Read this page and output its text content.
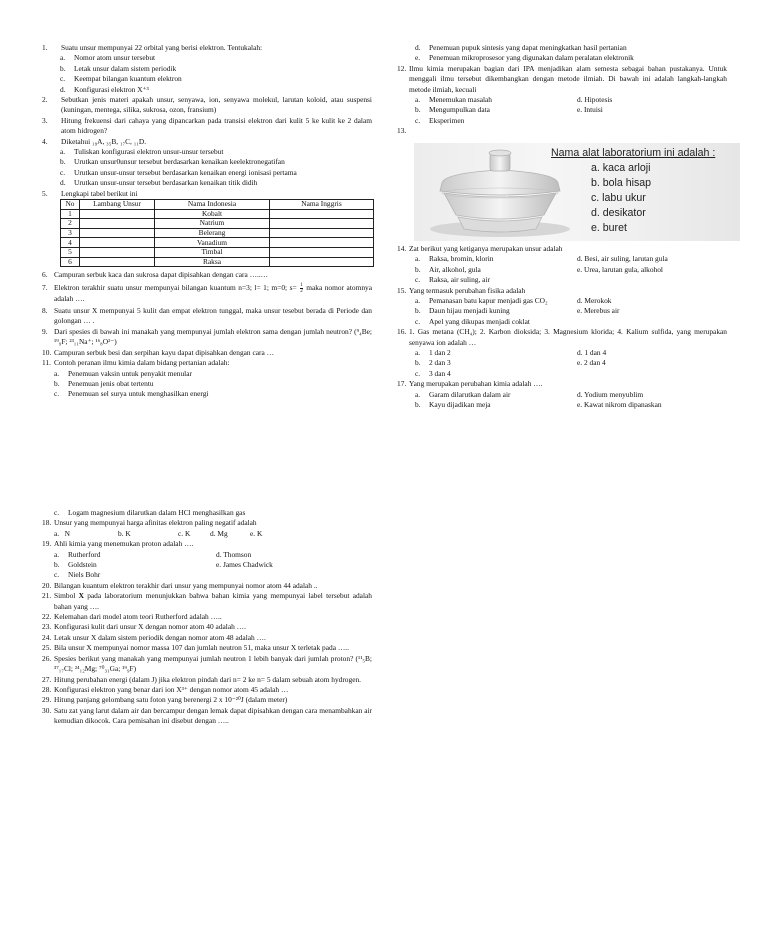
1.	Suatu unsur mempunyai 22 orbital yang berisi elektron. Tentukalah:
a.	Nomor atom unsur tersebut
b.	Letak unsur dalam sistem periodik
c.	Keempat bilangan kuantum elektron
d.	Konfigurasi elektron X⁺³
2.	Sebutkan jenis materi apakah unsur, senyawa, ion, senyawa molekul, larutan koloid, atau suspensi (kuningan, mentega, silika, sukrosa, ozon, fransium)
3.	Hitung frekuensi dari cahaya yang dipancarkan pada transisi elektron dari kulit 5 ke kulit ke 2 dalam atom hidrogen?
4.	Diketahui ₁₉A, ₃₅B, ₁₇C, ₁₁D.
a.	Tuliskan konfigurasi elektron unsur-unsur tersebut
b.	Urutkan unsur0unsur tersebut berdasarkan kenaikan keelektronegatifan
c.	Urutkan unsur-unsur tersebut berdasarkan kenaikan energi ionisasi pertama
d.	Urutkan unsur-unsur tersebut berdasarkan kenaikan titik didih
5.	Lengkapi tabel berikut ini
No	Lambang Unsur	Nama Indonesia	Nama Inggris
1		Kobalt	
2		Natrium	
3		Belerang	
4		Vanadium	
5		Timbal	
6		Raksa	
6. Campuran serbuk kaca dan sukrosa dapat dipisahkan dengan cara …..…
7. Elektron terakhir suatu unsur mempunyai bilangan kuantum n=3; l= 1; m=0; $s= \frac{1}{2}$ maka nomor atomnya adalah ….
8. Suatu unsur X mempunyai 5 kulit dan empat elektron tunggal, maka unsur tesebut berada di Periode dan golongan … .
9. Dari spesies di bawah ini manakah yang mempunyai jumlah elektron sama dengan jumlah neutron? (⁹₄Be; ¹⁹₉F; ²³₁₁Na⁺; ¹⁶₈O²⁻)
10. Campuran serbuk besi dan serpihan kayu dapat dipisahkan dengan cara …
11. Contoh peranan ilmu kimia dalam bidang pertanian adalah:
a.	Penemuan vaksin untuk penyakit menular
b.	Penemuan jenis obat tertentu
c.	Penemuan sel surya untuk menghasilkan energi
d.	Penemuan pupuk sintesis yang dapat meningkatkan hasil pertanian
e.	Penemuan mikroprosesor yang digunakan dalam peralatan elektronik
12. Ilmu kimia merupakan bagian dari IPA menjadikan alam semesta sebagai bahan pustakanya. Untuk menggali ilmu tersebut dikembangkan dengan metode ilmiah. Di bawah ini adalah langkah-langkah metode ilmiah, kecuali
a.	Menemukan masalah	d. Hipotesis
b.	Mengumpulkan data	e. Intuisi
c.	Eksperimen
13.
Nama alat laboratorium ini adalah :
a. kaca arloji
b. bola hisap
c. labu ukur
d. desikator
e. buret
14. Zat berikut yang ketiganya merupakan unsur adalah
a.	Raksa, bromin, klorin	d. Besi, air suling, larutan gula
b.	Air, alkohol, gula	e. Urea, larutan gula, alkohol
c.	Raksa, air suling, air
15. Yang termasuk perubahan fisika adalah
a.	Pemanasan batu kapur menjadi gas CO₂	d. Merokok
b.	Daun hijau menjadi kuning	e. Merebus air
c.	Apel yang dikupas menjadi coklat
16. 1. Gas metana (CH₄); 2. Karbon dioksida; 3. Magnesium klorida; 4. Kalium sulfida, yang merupakan senyawa ion adalah …
a.	1 dan 2	d. 1 dan 4
b.	2 dan 3	e. 2 dan 4
c.	3 dan 4
17. Yang merupakan perubahan kimia adalah ….
a.	Garam dilarutkan dalam air	d. Yodium menyublim
b.	Kayu dijadikan meja	e. Kawat nikrom dipanaskan
c.	Logam magnesium dilarutkan dalam HCl menghasilkan gas
18. Unsur yang mempunyai harga afinitas elektron paling negatif adalah
a.   N	b. K	c. K	d. Mg	e. K
19. Ahli kimia yang menemukan proton adalah ….
a.	Rutherford	d. Thomson
b.	Goldstein	e. James Chadwick
c.	Niels Bohr
20. Bilangan kuantum elektron terakhir dari unsur yang mempunyai nomor atom 44 adalah ..
21. Simbol X pada laboratorium menunjukkan bahwa bahan kimia yang mempunyai label tersebut adalah bahan yang ….
22. Kelemahan dari model atom teori Rutherford adalah …..
23. Konfigurasi kulit dari unsur X dengan nomor atom 40 adalah ….
24. Letak unsur X dalam sistem periodik dengan nomor atom 48 adalah ….
25. Bila unsur X mempunyai nomor massa 107 dan jumlah neutron 51, maka unsur X terletak pada …..
26. Spesies berikut yang manakah yang mempunyai jumlah neutron 1 lebih banyak dari jumlah proton? (¹¹₅B; ³⁷₁₇Cl; ²⁴₁₂Mg; ⁷⁰₃₁Ga; ¹⁹₉F)
27. Hitung perubahan energi (dalam J) jika elektron pindah dari n= 2 ke n= 5 dalam sebuah atom hydrogen.
28. Konfigurasi elektron yang benar dari ion X³⁺ dengan nomor atom 45 adalah …
29. Hitung panjang gelombang satu foton yang berenergi 2 x 10⁻²⁰J (dalam meter)
30. Satu zat yang larut dalam air dan bercampur dengan lemak dapat dipisahkan dengan cara menambahkan air kemudian dikocok. Cara pemisahan ini disebut dengan …..
